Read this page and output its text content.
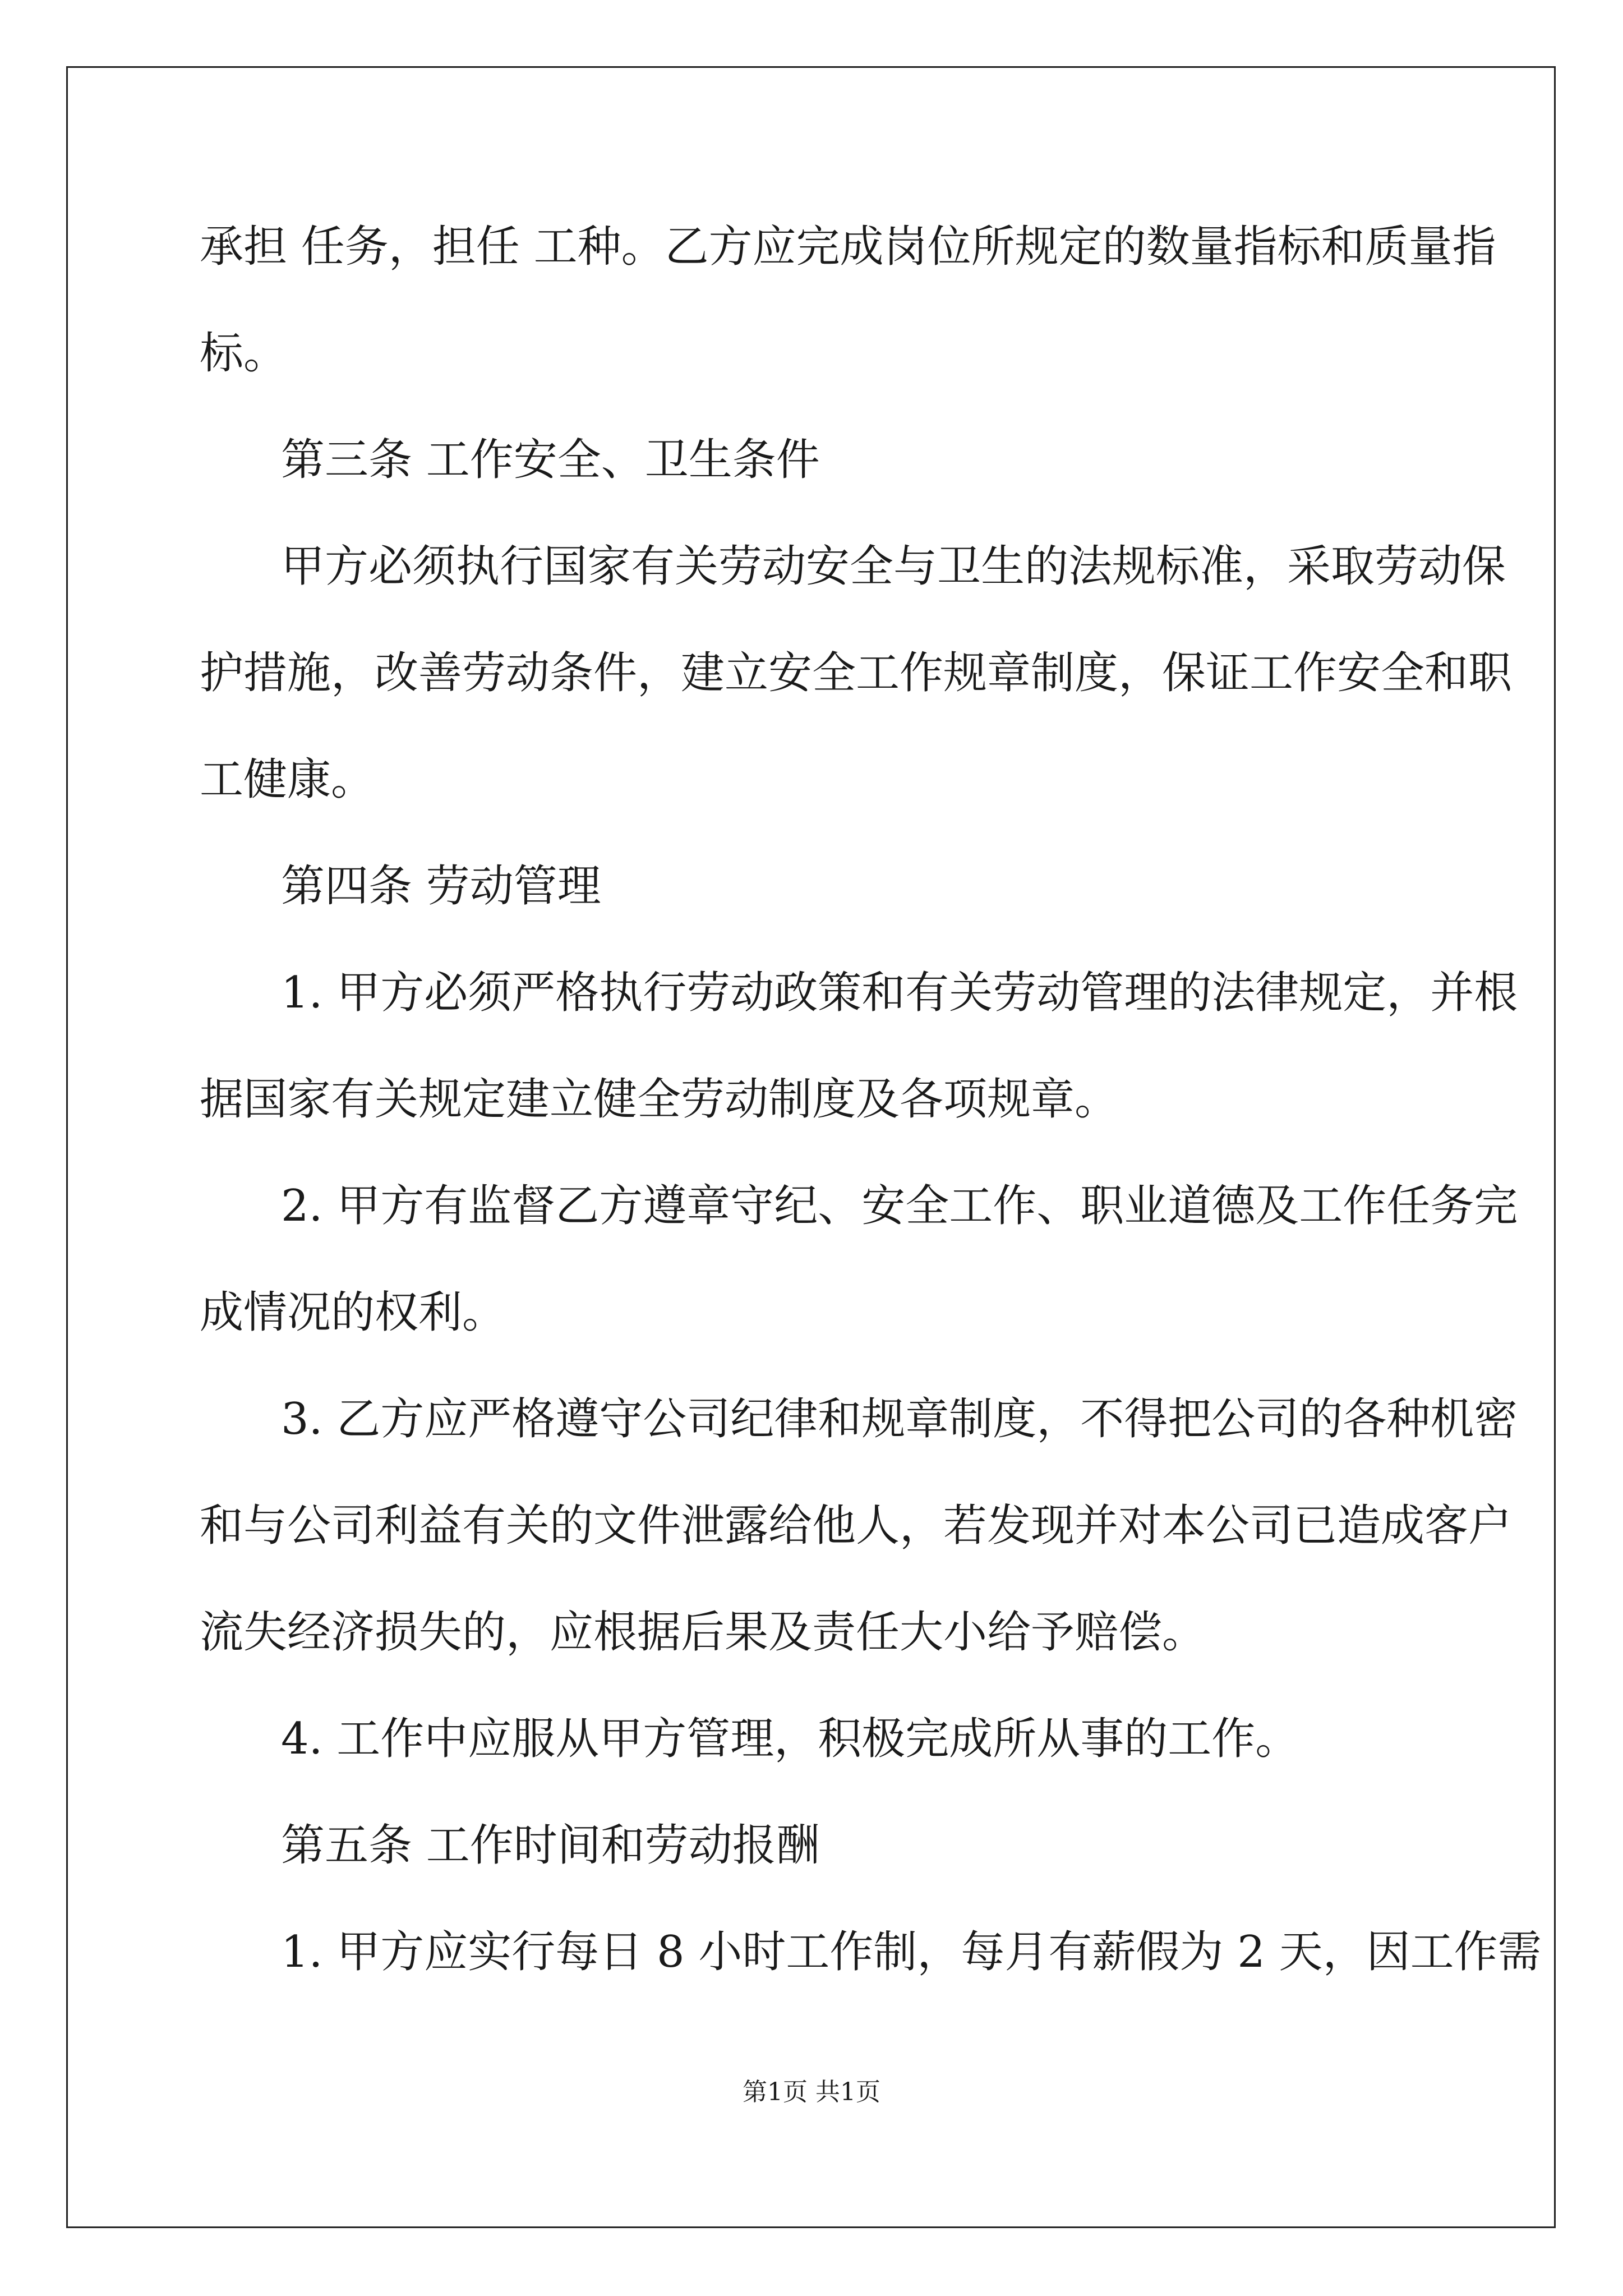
承担 任务，担任 工种。乙方应完成岗位所规定的数量指标和质量指
标。
第三条 工作安全、卫生条件
甲方必须执行国家有关劳动安全与卫生的法规标准，采取劳动保
护措施，改善劳动条件，建立安全工作规章制度，保证工作安全和职
工健康。
第四条 劳动管理
1. 甲方必须严格执行劳动政策和有关劳动管理的法律规定，并根
据国家有关规定建立健全劳动制度及各项规章。
2. 甲方有监督乙方遵章守纪、安全工作、职业道德及工作任务完
成情况的权利。
3. 乙方应严格遵守公司纪律和规章制度，不得把公司的各种机密
和与公司利益有关的文件泄露给他人，若发现并对本公司已造成客户
流失经济损失的，应根据后果及责任大小给予赔偿。
4. 工作中应服从甲方管理，积极完成所从事的工作。
第五条 工作时间和劳动报酬
1. 甲方应实行每日 8 小时工作制，每月有薪假为 2 天，因工作需
第1页 共1页
